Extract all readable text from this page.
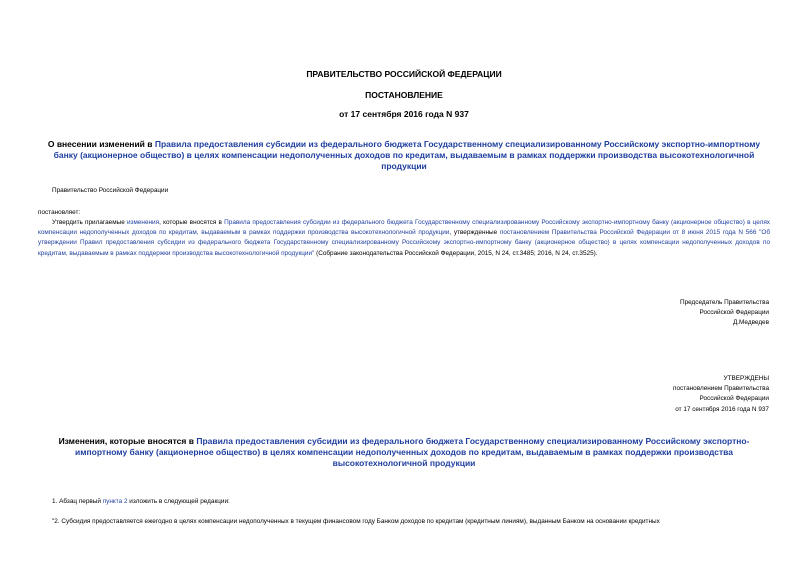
ПРАВИТЕЛЬСТВО РОССИЙСКОЙ ФЕДЕРАЦИИ
ПОСТАНОВЛЕНИЕ
от 17 сентября 2016 года N 937
О внесении изменений в Правила предоставления субсидии из федерального бюджета Государственному специализированному Российскому экспортно-импортному банку (акционерное общество) в целях компенсации недополученных доходов по кредитам, выдаваемым в рамках поддержки производства высокотехнологичной продукции
Правительство Российской Федерации
постановляет:
Утвердить прилагаемые изменения, которые вносятся в Правила предоставления субсидии из федерального бюджета Государственному специализированному Российскому экспортно-импортному банку (акционерное общество) в целях компенсации недополученных доходов по кредитам, выдаваемым в рамках поддержки производства высокотехнологичной продукции, утвержденные постановлением Правительства Российской Федерации от 8 июня 2015 года N 566 "Об утверждении Правил предоставления субсидии из федерального бюджета Государственному специализированному Российскому экспортно-импортному банку (акционерное общество) в целях компенсации недополученных доходов по кредитам, выдаваемым в рамках поддержки производства высокотехнологичной продукции" (Собрание законодательства Российской Федерации, 2015, N 24, ст.3485; 2016, N 24, ст.3525).
Председатель Правительства
Российской Федерации
Д.Медведев
УТВЕРЖДЕНЫ
постановлением Правительства
Российской Федерации
от 17 сентября 2016 года N 937
Изменения, которые вносятся в Правила предоставления субсидии из федерального бюджета Государственному специализированному Российскому экспортно-импортному банку (акционерное общество) в целях компенсации недополученных доходов по кредитам, выдаваемым в рамках поддержки производства высокотехнологичной продукции
1. Абзац первый пункта 2 изложить в следующей редакции:
"2. Субсидия предоставляется ежегодно в целях компенсации недополученных в текущем финансовом году Банком доходов по кредитам (кредитным линиям), выданным Банком на основании кредитных
